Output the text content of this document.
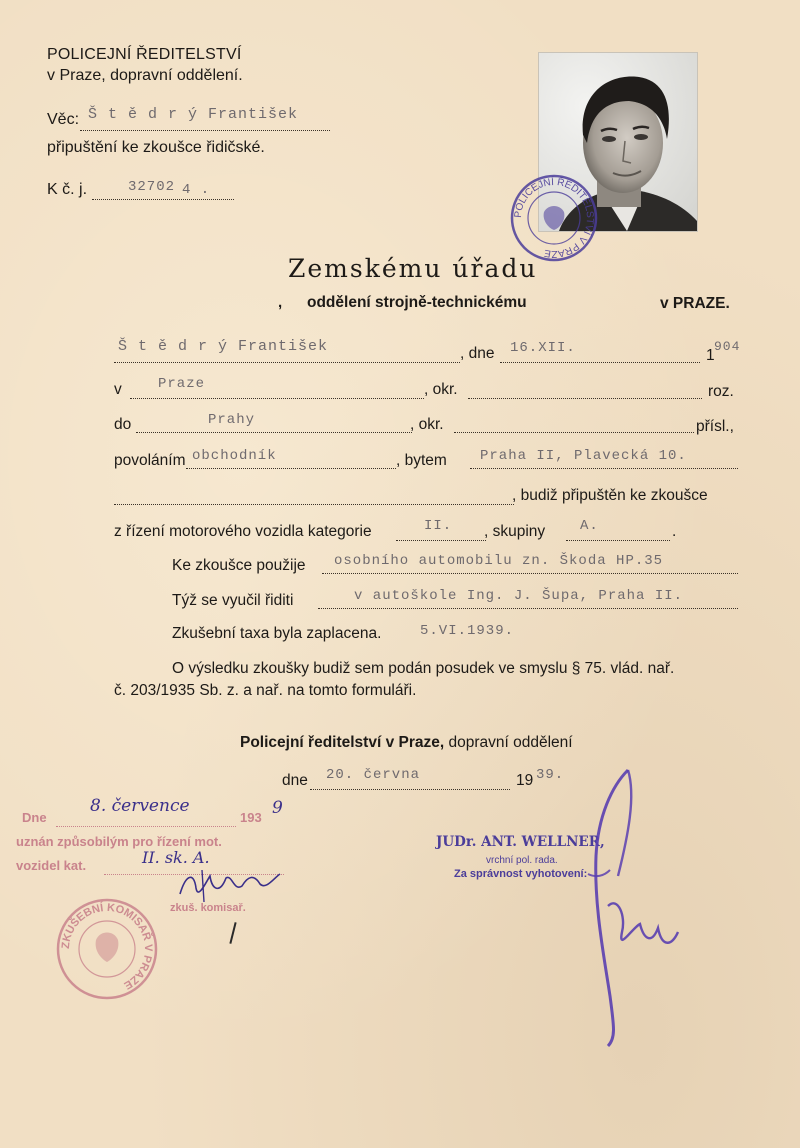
POLICEJNÍ ŘEDITELSTVÍ
v Praze, dopravní oddělení.
Věc: Š t ě d r ý František
připuštění ke zkoušce řidičské.
K č. j.	32702 4 .
POLICEJNÍ ŘEDITELSTVÍ V PRAZE
Zemskému úřadu
, oddělení strojně-technickému	v PRAZE.
Š t ě d r ý František	, dne 16.XII.	1
904
v	Praze	, okr.	roz.
do	Prahy	, okr.	přísl.,
povoláním obchodník	, bytem Praha II, Plavecká 10.
, budiž připuštěn ke zkoušce
z řízení motorového vozidla kategorie	II. , skupiny A.	.
Ke zkoušce použije osobního automobilu zn. Škoda HP.35
Týž se vyučil řiditi	v autoškole Ing. J. Šupa, Praha II.
Zkušební taxa byla zaplacena.	5.VI.1939.
O výsledku zkoušky budiž sem podán posudek ve smyslu § 75. vlád. nař.
č. 203/1935 Sb. z. a nař. na tomto formuláři.
Policejní ředitelství v Praze, dopravní oddělení
dne 20. června	19 39.
Dne
8. července
193 9
uznán způsobilým pro řízení mot.
vozidel kat.	II. sk. A.
zkuš. komisař.
ZKUŠEBNÍ KOMISAŘ V PRAZE
JUDr. ANT. WELLNER,
vrchní pol. rada.
Za správnost vyhotovení:
